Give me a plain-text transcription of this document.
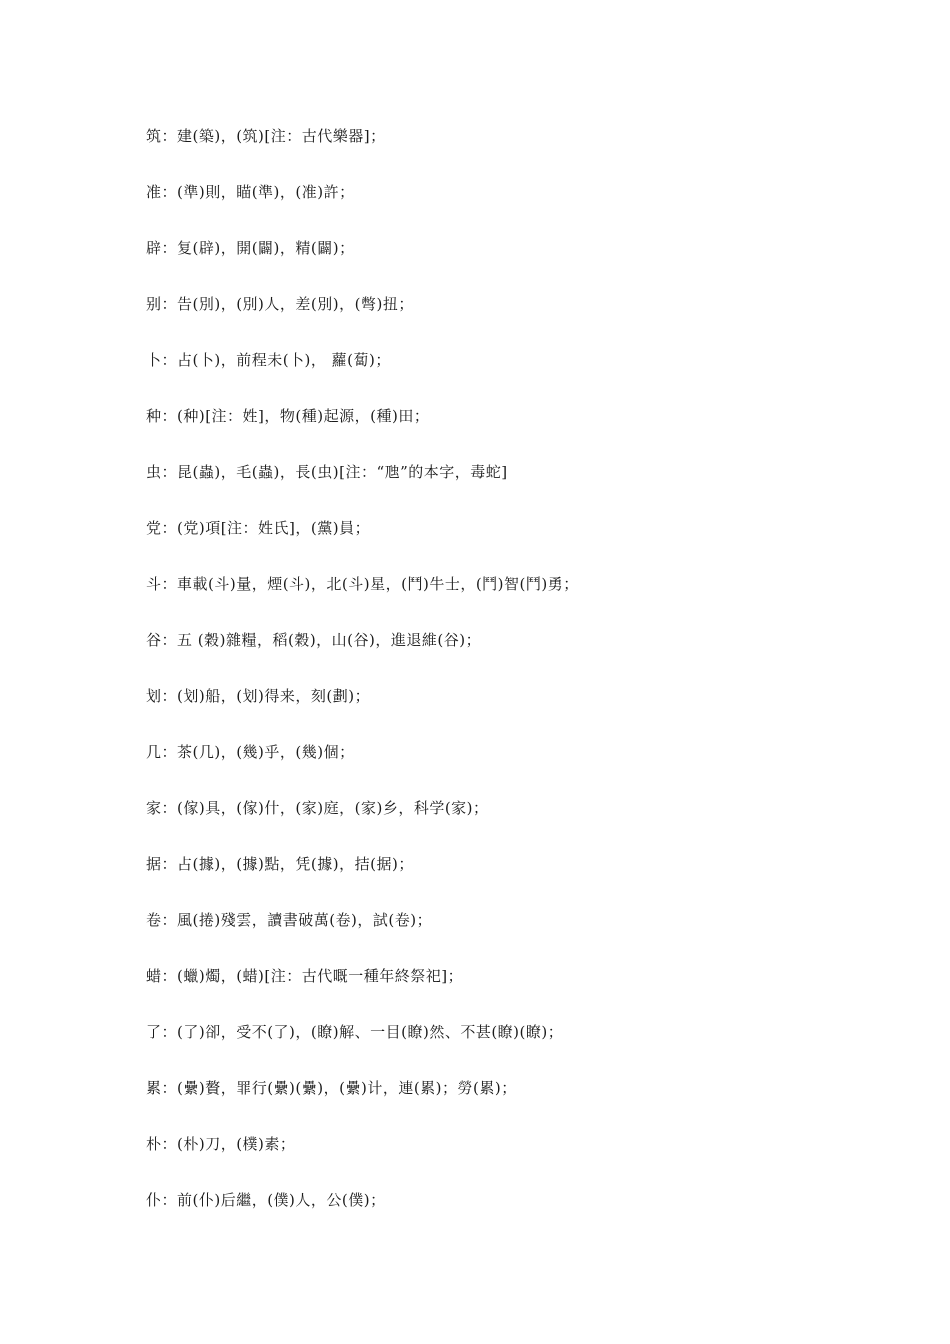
筑：建(築)，(筑)[注：古代樂器]；
准：(準)則，瞄(準)，(准)許；
辟：复(辟)，開(闢)，精(闢)；
别：告(別)，(別)人，差(別)，(彆)扭；
卜：占(卜)，前程未(卜)， 蘿(蔔)；
种：(种)[注：姓]，物(種)起源，(種)田；
虫：昆(蟲)，毛(蟲)，長(虫)[注：“虺”的本字，毒蛇]
党：(党)項[注：姓氏]，(黨)員；
斗：車載(斗)量，煙(斗)，北(斗)星，(鬥)牛士，(鬥)智(鬥)勇；
谷：五 (穀)雜糧，稻(穀)，山(谷)，進退維(谷)；
划：(划)船，(划)得来，刻(劃)；
几：茶(几)，(幾)乎，(幾)個；
家：(傢)具，(傢)什，(家)庭，(家)乡，科学(家)；
据：占(據)，(據)點，凭(據)，拮(据)；
卷：風(捲)殘雲，讀書破萬(卷)，試(卷)；
蜡：(蠟)燭，(蜡)[注：古代嘅一種年終祭祀]；
了：(了)卻，受不(了)，(瞭)解、一目(瞭)然、不甚(瞭)(瞭)；
累：(纍)贅，罪行(纍)(纍)，(纍)计，連(累)；勞(累)；
朴：(朴)刀，(樸)素；
仆：前(仆)后繼，(僕)人，公(僕)；
